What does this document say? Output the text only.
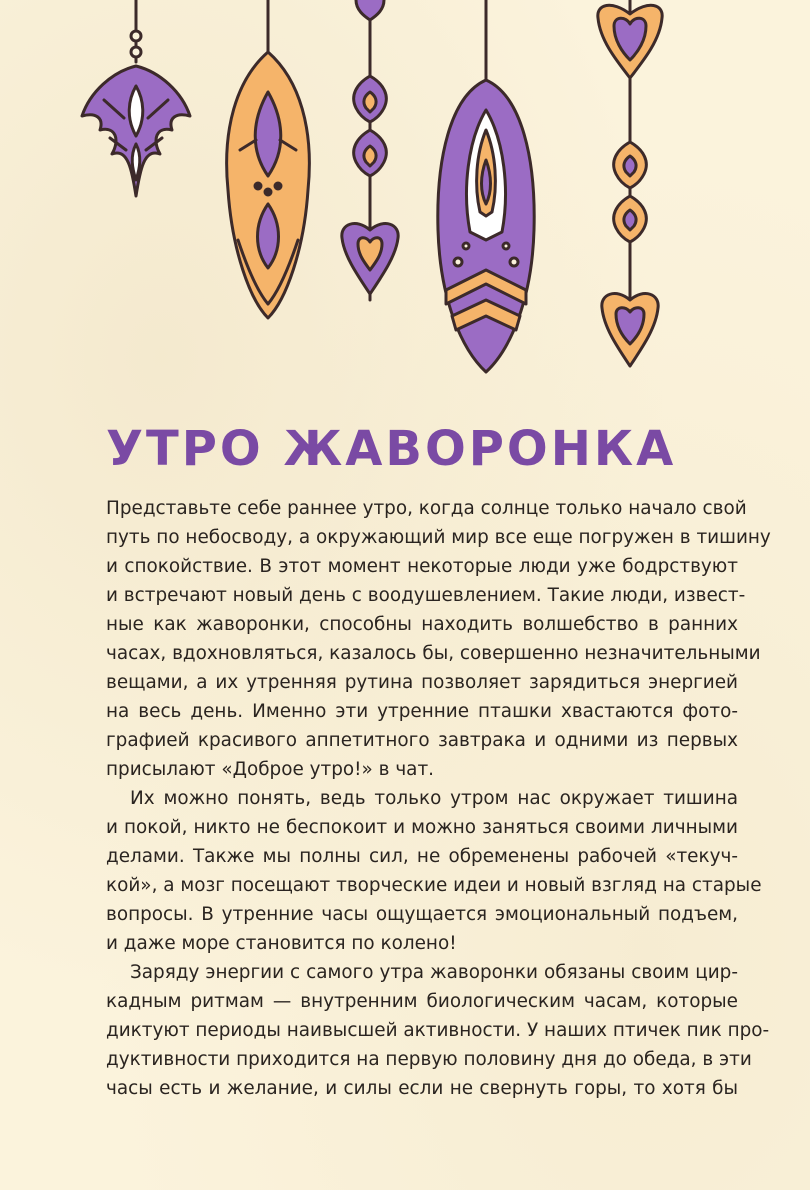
УТРО ЖАВОРОНКА

Представьте себе раннее утро, когда солнце только начало свой
путь по небосводу, а окружающий мир все еще погружен в тишину
и спокойствие. В этот момент некоторые люди уже бодрствуют
и встречают новый день с воодушевлением. Такие люди, извест-
ные как жаворонки, способны находить волшебство в ранних
часах, вдохновляться, казалось бы, совершенно незначительными
вещами, а их утренняя рутина позволяет зарядиться энергией
на весь день. Именно эти утренние пташки хвастаются фото-
графией красивого аппетитного завтрака и одними из первых
присылают «Доброе утро!» в чат.

Их можно понять, ведь только утром нас окружает тишина
и покой, никто не беспокоит и можно заняться своими личными
делами. Также мы полны сил, не обременены рабочей «текуч-
кой», а мозг посещают творческие идеи и новый взгляд на старые
вопросы. В утренние часы ощущается эмоциональный подъем,
и даже море становится по колено!

Заряду энергии с самого утра жаворонки обязаны своим цир-
кадным ритмам — внутренним биологическим часам, которые
диктуют периоды наивысшей активности. У наших птичек пик про-
дуктивности приходится на первую половину дня до обеда, в эти
часы есть и желание, и силы если не свернуть горы, то хотя бы
